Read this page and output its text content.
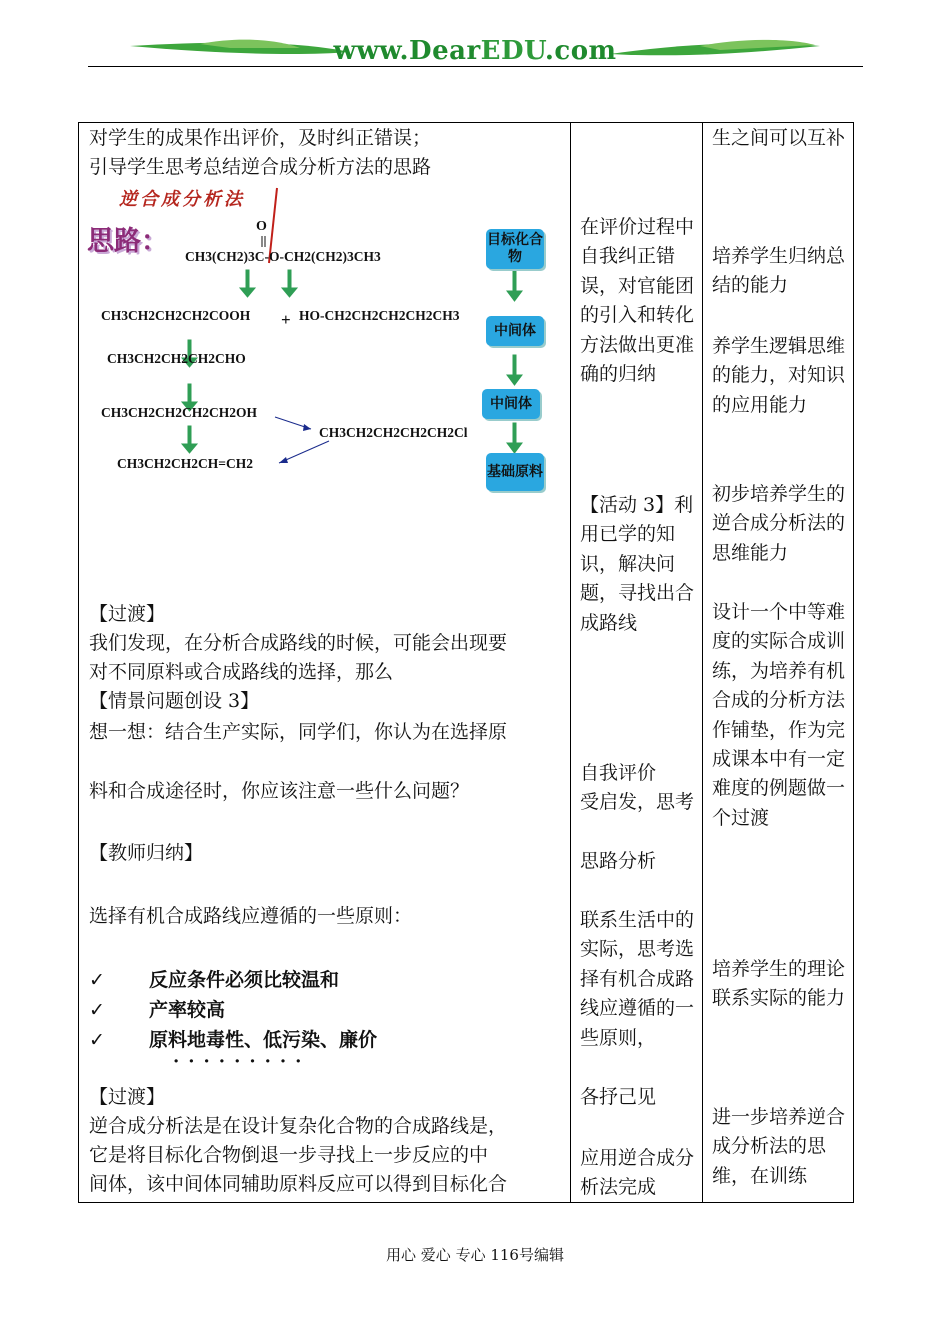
www.DearEDU.com
对学生的成果作出评价，及时纠正错误；
引导学生思考总结逆合成分析方法的思路
逆合成分析法
思路：	O
CH3(CH2)3C-O-CH2(CH2)3CH3
CH3CH2CH2CH2COOH + HO-CH2CH2CH2CH2CH3
CH3CH2CH2CH2CHO
CH3CH2CH2CH2CH2OH
CH3CH2CH2CH2CH2Cl
CH3CH2CH2CH=CH2
目标化合物
中间体
中间体
基础原料
【过渡】
我们发现，在分析合成路线的时候，可能会出现要
对不同原料或合成路线的选择，那么
【情景问题创设 3】
想一想：结合生产实际，同学们，你认为在选择原
料和合成途径时，你应该注意一些什么问题？
【教师归纳】
选择有机合成路线应遵循的一些原则：
✓ 反应条件必须比较温和
✓ 产率较高
✓ 原料地毒性、低污染、廉价
·········
【过渡】
逆合成分析法是在设计复杂化合物的合成路线是，
它是将目标化合物倒退一步寻找上一步反应的中
间体，该中间体同辅助原料反应可以得到目标化合
在评价过程中自我纠正错误，对官能团的引入和转化方法做出更准确的归纳
【活动 3】利用已学的知识，解决问题，寻找出合成路线
自我评价
受启发，思考
思路分析
联系生活中的实际，思考选择有机合成路线应遵循的一些原则，
各抒己见
应用逆合成分析法完成
生之间可以互补
培养学生归纳总结的能力
养学生逻辑思维的能力，对知识的应用能力
初步培养学生的逆合成分析法的思维能力
设计一个中等难度的实际合成训练，为培养有机合成的分析方法作铺垫，作为完成课本中有一定难度的例题做一个过渡
培养学生的理论联系实际的能力
进一步培养逆合成分析法的思维，在训练
用心 爱心 专心 116号编辑
